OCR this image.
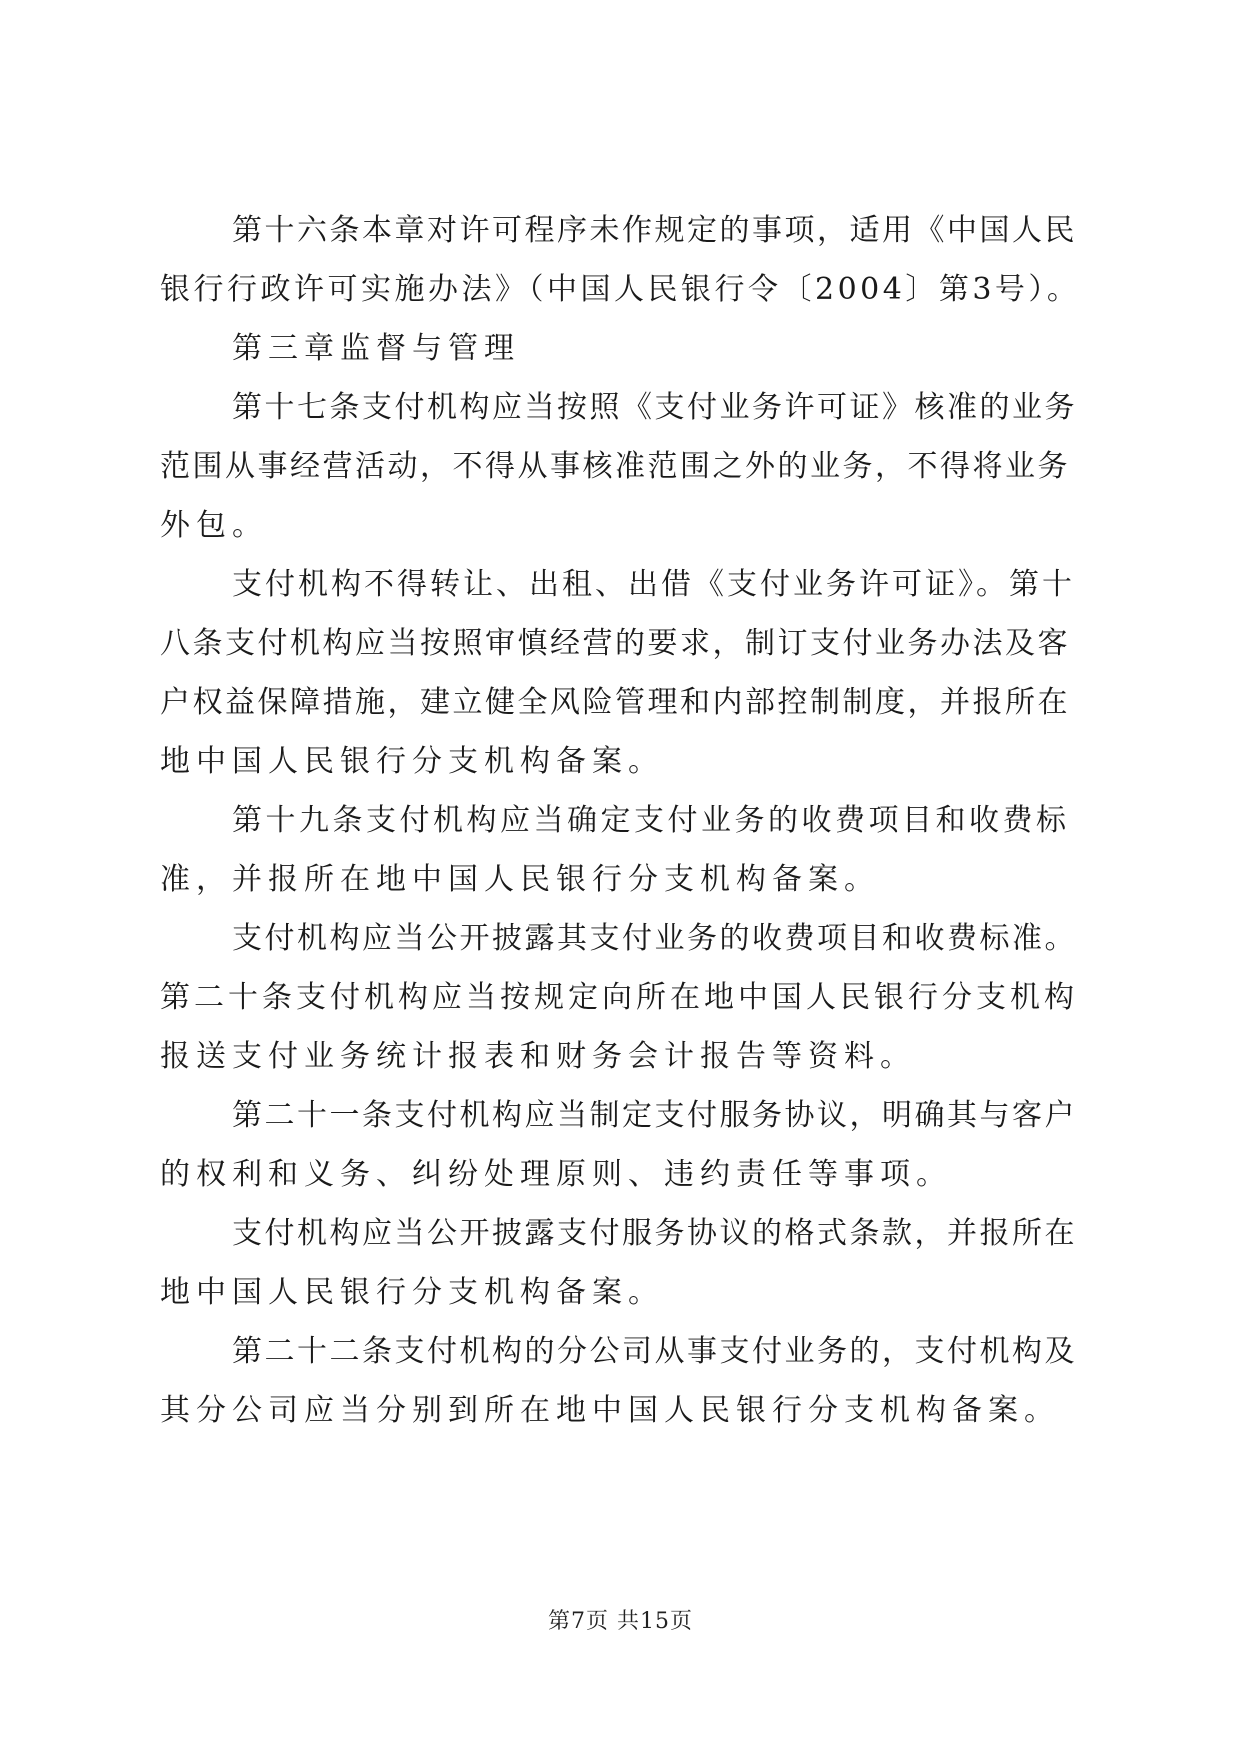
第十六条本章对许可程序未作规定的事项，适用《中国人民
银行行政许可实施办法》（中国人民银行令〔2004〕第3号）。
第三章监督与管理
第十七条支付机构应当按照《支付业务许可证》核准的业务
范围从事经营活动，不得从事核准范围之外的业务，不得将业务
外包。
支付机构不得转让、出租、出借《支付业务许可证》。第十
八条支付机构应当按照审慎经营的要求，制订支付业务办法及客
户权益保障措施，建立健全风险管理和内部控制制度，并报所在
地中国人民银行分支机构备案。
第十九条支付机构应当确定支付业务的收费项目和收费标
准，并报所在地中国人民银行分支机构备案。
支付机构应当公开披露其支付业务的收费项目和收费标准。
第二十条支付机构应当按规定向所在地中国人民银行分支机构
报送支付业务统计报表和财务会计报告等资料。
第二十一条支付机构应当制定支付服务协议，明确其与客户
的权利和义务、纠纷处理原则、违约责任等事项。
支付机构应当公开披露支付服务协议的格式条款，并报所在
地中国人民银行分支机构备案。
第二十二条支付机构的分公司从事支付业务的，支付机构及
其分公司应当分别到所在地中国人民银行分支机构备案。
第7页 共15页
